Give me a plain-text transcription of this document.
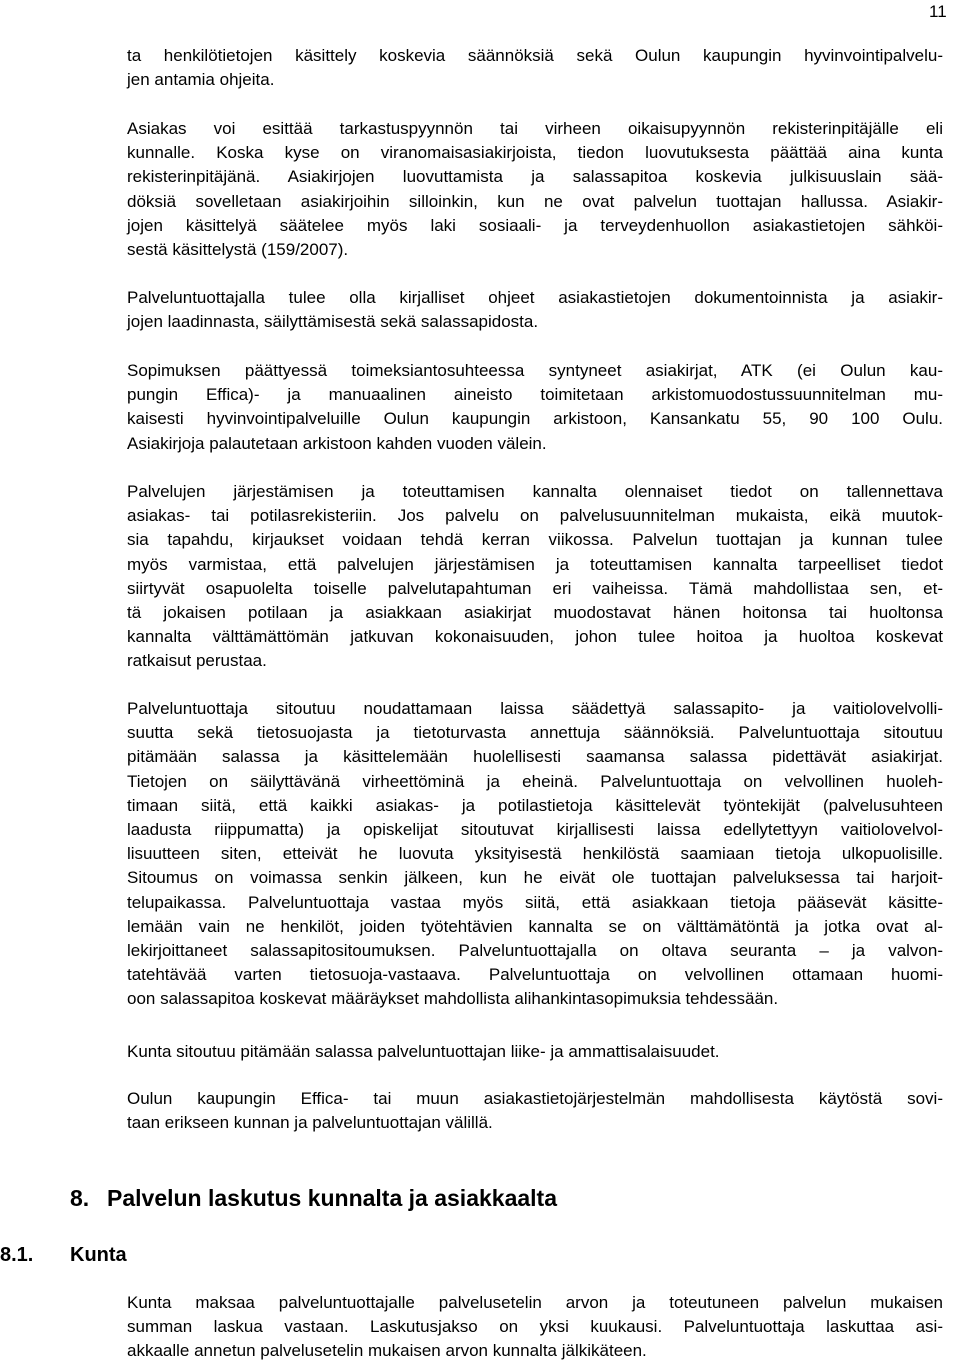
11
ta henkilötietojen käsittely koskevia säännöksiä sekä Oulun kaupungin hyvinvointipalvelu-
jen antamia ohjeita.
Asiakas voi esittää tarkastuspyynnön tai virheen oikaisupyynnön rekisterinpitäjälle eli
kunnalle. Koska kyse on viranomaisasiakirjoista, tiedon luovutuksesta päättää aina kunta
rekisterinpitäjänä. Asiakirjojen luovuttamista ja salassapitoa koskevia julkisuuslain sää-
döksiä sovelletaan asiakirjoihin silloinkin, kun ne ovat palvelun tuottajan hallussa. Asiakir-
jojen käsittelyä säätelee myös laki sosiaali- ja terveydenhuollon asiakastietojen sähköi-
sestä käsittelystä (159/2007).
Palveluntuottajalla tulee olla kirjalliset ohjeet asiakastietojen dokumentoinnista ja asiakir-
jojen laadinnasta, säilyttämisestä sekä salassapidosta.
Sopimuksen päättyessä toimeksiantosuhteessa syntyneet asiakirjat, ATK (ei Oulun kau-
pungin Effica)- ja manuaalinen aineisto toimitetaan arkistomuodostussuunnitelman mu-
kaisesti hyvinvointipalveluille Oulun kaupungin arkistoon, Kansankatu 55, 90 100 Oulu.
Asiakirjoja palautetaan arkistoon kahden vuoden välein.
Palvelujen järjestämisen ja toteuttamisen kannalta olennaiset tiedot on tallennettava
asiakas- tai potilasrekisteriin. Jos palvelu on palvelusuunnitelman mukaista, eikä muutok-
sia tapahdu, kirjaukset voidaan tehdä kerran viikossa. Palvelun tuottajan ja kunnan tulee
myös varmistaa, että palvelujen järjestämisen ja toteuttamisen kannalta tarpeelliset tiedot
siirtyvät osapuolelta toiselle palvelutapahtuman eri vaiheissa. Tämä mahdollistaa sen, et-
tä jokaisen potilaan ja asiakkaan asiakirjat muodostavat hänen hoitonsa tai huoltonsa
kannalta välttämättömän jatkuvan kokonaisuuden, johon tulee hoitoa ja huoltoa koskevat
ratkaisut perustaa.
Palveluntuottaja sitoutuu noudattamaan laissa säädettyä salassapito- ja vaitiolovelvolli-
suutta sekä tietosuojasta ja tietoturvasta annettuja säännöksiä. Palveluntuottaja sitoutuu
pitämään salassa ja käsittelemään huolellisesti saamansa salassa pidettävät asiakirjat.
Tietojen on säilyttävänä virheettöminä ja eheinä. Palveluntuottaja on velvollinen huoleh-
timaan siitä, että kaikki asiakas- ja potilastietoja käsittelevät työntekijät (palvelusuhteen
laadusta riippumatta) ja opiskelijat sitoutuvat kirjallisesti laissa edellytettyyn vaitiolovelvol-
lisuutteen siten, etteivät he luovuta yksityisestä henkilöstä saamiaan tietoja ulkopuolisille.
Sitoumus on voimassa senkin jälkeen, kun he eivät ole tuottajan palveluksessa tai harjoit-
telupaikassa. Palveluntuottaja vastaa myös siitä, että asiakkaan tietoja pääsevät käsitte-
lemään vain ne henkilöt, joiden työtehtävien kannalta se on välttämätöntä ja jotka ovat al-
lekirjoittaneet salassapitositoumuksen. Palveluntuottajalla on oltava seuranta – ja valvon-
tatehtävää varten tietosuoja-vastaava. Palveluntuottaja on velvollinen ottamaan huomi-
oon salassapitoa koskevat määräykset mahdollista alihankintasopimuksia tehdessään.
Kunta sitoutuu pitämään salassa palveluntuottajan liike- ja ammattisalaisuudet.
Oulun kaupungin Effica- tai muun asiakastietojärjestelmän mahdollisesta käytöstä sovi-
taan erikseen kunnan ja palveluntuottajan välillä.
8. Palvelun laskutus kunnalta ja asiakkaalta
8.1. Kunta
Kunta maksaa palveluntuottajalle palvelusetelin arvon ja toteutuneen palvelun mukaisen
summan laskua vastaan. Laskutusjakso on yksi kuukausi. Palveluntuottaja laskuttaa asi-
akkaalle annetun palvelusetelin mukaisen arvon kunnalta jälkikäteen.
